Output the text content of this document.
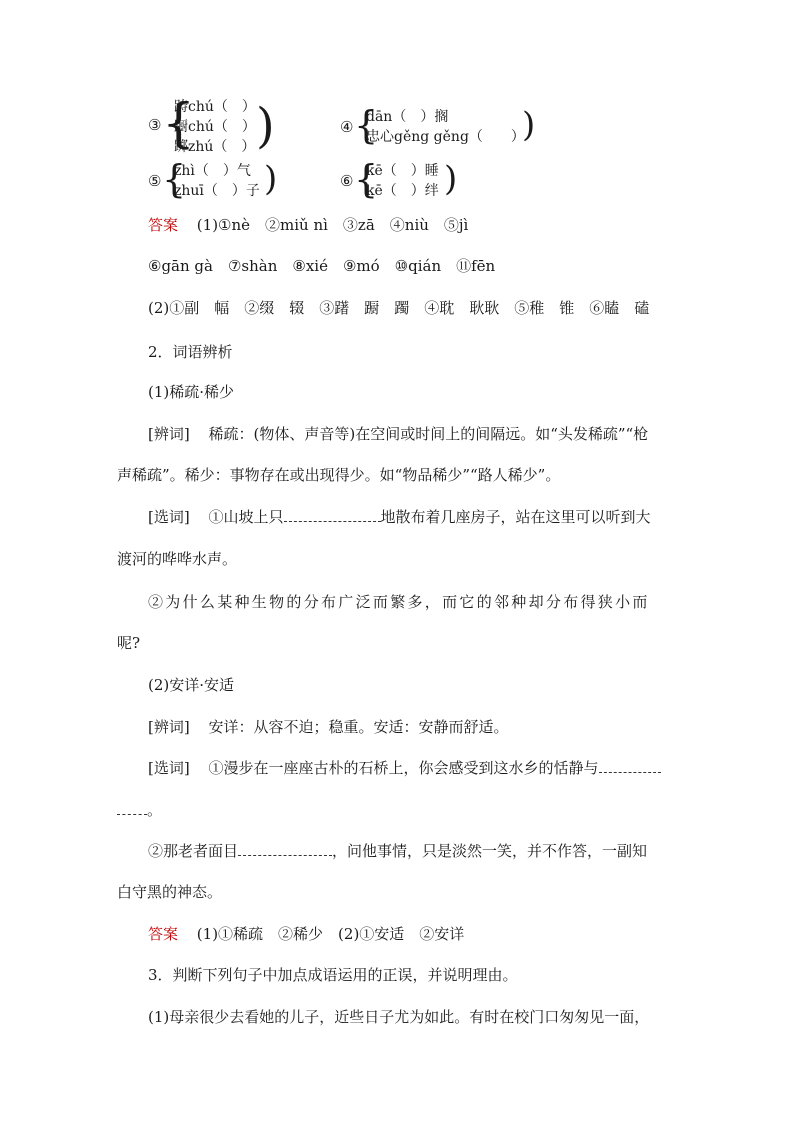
③ {
踌chú（　）
蹰chú（　）
踯zhú（　） )	④ {
dān（　）搁
忠心gěng gěng（　　）
)
⑤ {
zhì（　）气
zhuī（　）子 )	⑥ {
kē（　）睡
kē（　）绊 )
答案 (1)①nè　②miǔ nì　③zā　④niù　⑤jì
⑥gān gà　⑦shàn　⑧xié　⑨mó　⑩qián　⑪fēn
(2)①副　幅　②缀　辍　③躇　蹰　躅　④耽　耿耿　⑤稚　锥　⑥瞌　磕
2．词语辨析
(1)稀疏·稀少
[辨词] 稀疏：(物体、声音等)在空间或时间上的间隔远。如“头发稀疏”“枪
声稀疏”。稀少：事物存在或出现得少。如“物品稀少”“路人稀少”。
[选词] ①山坡上只	地散布着几座房子，站在这里可以听到大
渡河的哗哗水声。
②为什么某种生物的分布广泛而繁多，而它的邻种却分布得狭小而
呢?
(2)安详·安适
[辨词] 安详：从容不迫；稳重。安适：安静而舒适。
[选词] ①漫步在一座座古朴的石桥上，你会感受到这水乡的恬静与
。
②那老者面目	，问他事情，只是淡然一笑，并不作答，一副知
白守黑的神态。
答案 (1)①稀疏　②稀少　(2)①安适　②安详
3．判断下列句子中加点成语运用的正误，并说明理由。
(1)母亲很少去看她的儿子，近些日子尤为如此。有时在校门口匆匆见一面，
